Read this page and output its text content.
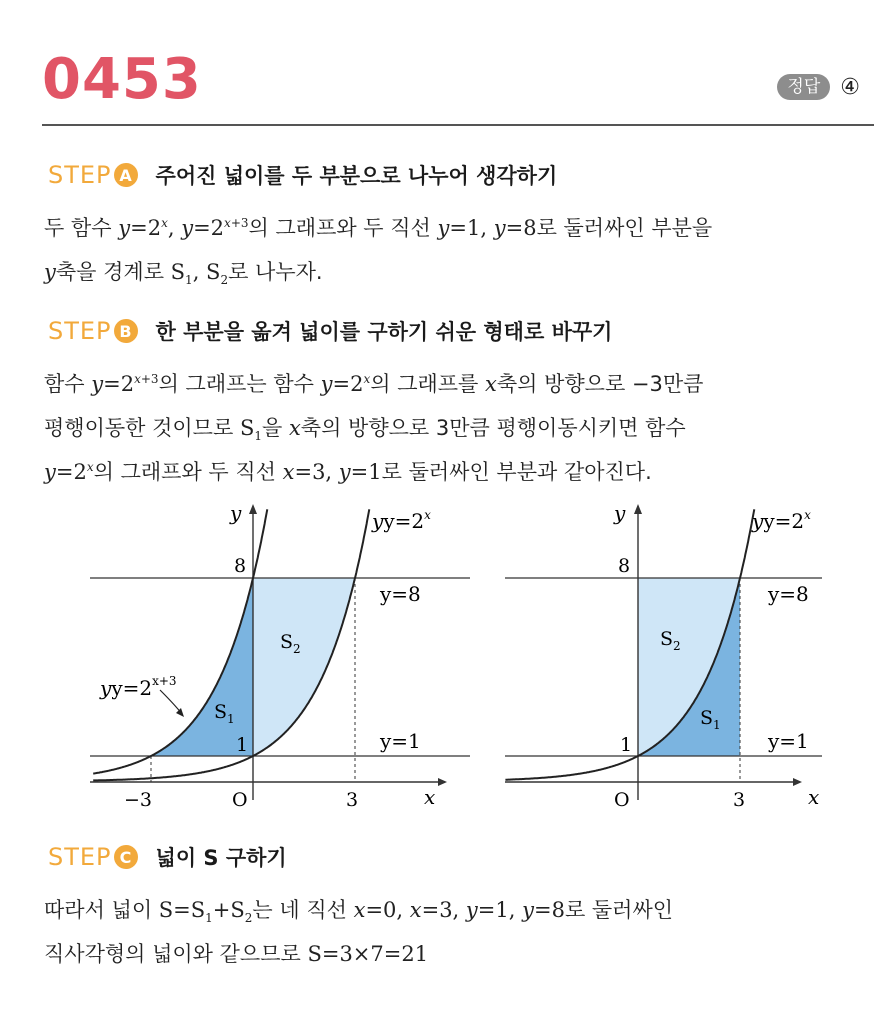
0453	정답 ④
STEP A 주어진 넓이를 두 부분으로 나누어 생각하기
두 함수 $y=2^x$, $y=2^{x+3}$의 그래프와 두 직선 y=1, y=8로 둘러싸인 부분을
y축을 경계로 $S_1$, $S_2$로 나누자.
STEP B 한 부분을 옮겨 넓이를 구하기 쉬운 형태로 바꾸기
함수 $y=2^{x+3}$의 그래프는 함수 $y=2^x$의 그래프를 x축의 방향으로 −3만큼
평행이동한 것이므로 $S_1$을 x축의 방향으로 3만큼 평행이동시키면 함수
$y=2^x$의 그래프와 두 직선 x=3, y=1로 둘러싸인 부분과 같아진다.
y
x
O
8
1
−3	3
$yy=2^x$
y=8
y=1
$yy=2^{x+3}$
$S_1$
$S_2$
y
x
O
8
1
3
$yy=2^x$
y=8
y=1
$S_1$
$S_2$
STEP C 넓이 S 구하기
따라서 넓이 $S=S_1+S_2$는 네 직선 x=0, x=3, y=1, y=8로 둘러싸인
직사각형의 넓이와 같으므로 S=3×7=21
